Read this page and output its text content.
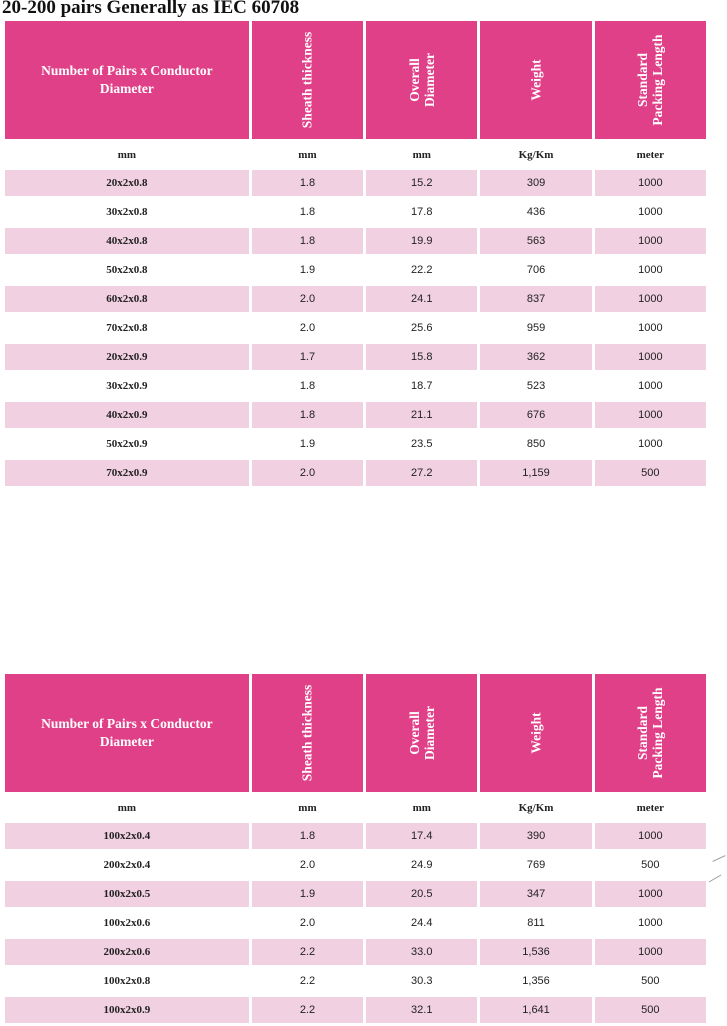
20-200 pairs Generally as IEC 60708
Number of Pairs x Conductor Diameter	Sheath thickness	Overall Diameter	Weight	Standard Packing Length

mm	mm	mm	Kg/Km	meter
20x2x0.8	1.8	15.2	309	1000
30x2x0.8	1.8	17.8	436	1000
40x2x0.8	1.8	19.9	563	1000
50x2x0.8	1.9	22.2	706	1000
60x2x0.8	2.0	24.1	837	1000
70x2x0.8	2.0	25.6	959	1000
20x2x0.9	1.7	15.8	362	1000
30x2x0.9	1.8	18.7	523	1000
40x2x0.9	1.8	21.1	676	1000
50x2x0.9	1.9	23.5	850	1000
70x2x0.9	2.0	27.2	1,159	500
Number of Pairs x Conductor Diameter	Sheath thickness	Overall Diameter	Weight	Standard Packing Length

mm	mm	mm	Kg/Km	meter
100x2x0.4	1.8	17.4	390	1000
200x2x0.4	2.0	24.9	769	500
100x2x0.5	1.9	20.5	347	1000
100x2x0.6	2.0	24.4	811	1000
200x2x0.6	2.2	33.0	1,536	1000
100x2x0.8	2.2	30.3	1,356	500
100x2x0.9	2.2	32.1	1,641	500
